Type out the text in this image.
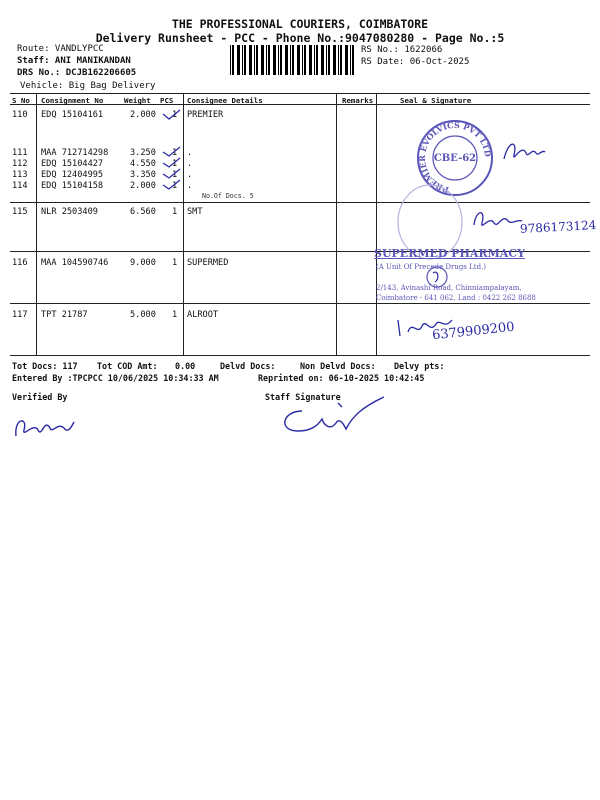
THE PROFESSIONAL COURIERS, COIMBATORE
Delivery Runsheet - PCC - Phone No.:9047080280 - Page No.:5
Route: VANDLYPCC
Staff: ANI MANIKANDAN
DRS No.: DCJB162206605
Vehicle: Big Bag Delivery
RS No.: 1622066
RS Date: 06-Oct-2025
S No Consignment No	Weight PCS Consignee Details	Remarks	Seal & Signature
110 EDQ 15104161	2.000 1 PREMIER
111 MAA 712714298	3.250 1 .
112 EDQ 15104427	4.550 1 .
113 EDQ 12404995	3.350 1 .
114 EDQ 15104158	2.000 1 .
No.Of Docs. 5
115 NLR 2503409	6.560 1 SMT
116 MAA 104590746	9.000 1 SUPERMED
117 TPT 21787	5.000 1 ALROOT
PREMIER EVOLVICS PVT LTD
CBE-62
9786173124
SUPERMED PHARMACY
(A Unit Of Precede Drugs Ltd.)
2/143, Avinashi Road, Chinniampalayam,
Coimbatore - 641 062, Land : 0422 262 8688
6379909200
Tot Docs: 117 Tot COD Amt: 0.00	Delvd Docs:	Non Delvd Docs: Delvy pts:
Entered By :TPCPCC 10/06/2025 10:34:33 AM	Reprinted on: 06-10-2025 10:42:45
Verified By	Staff Signature
